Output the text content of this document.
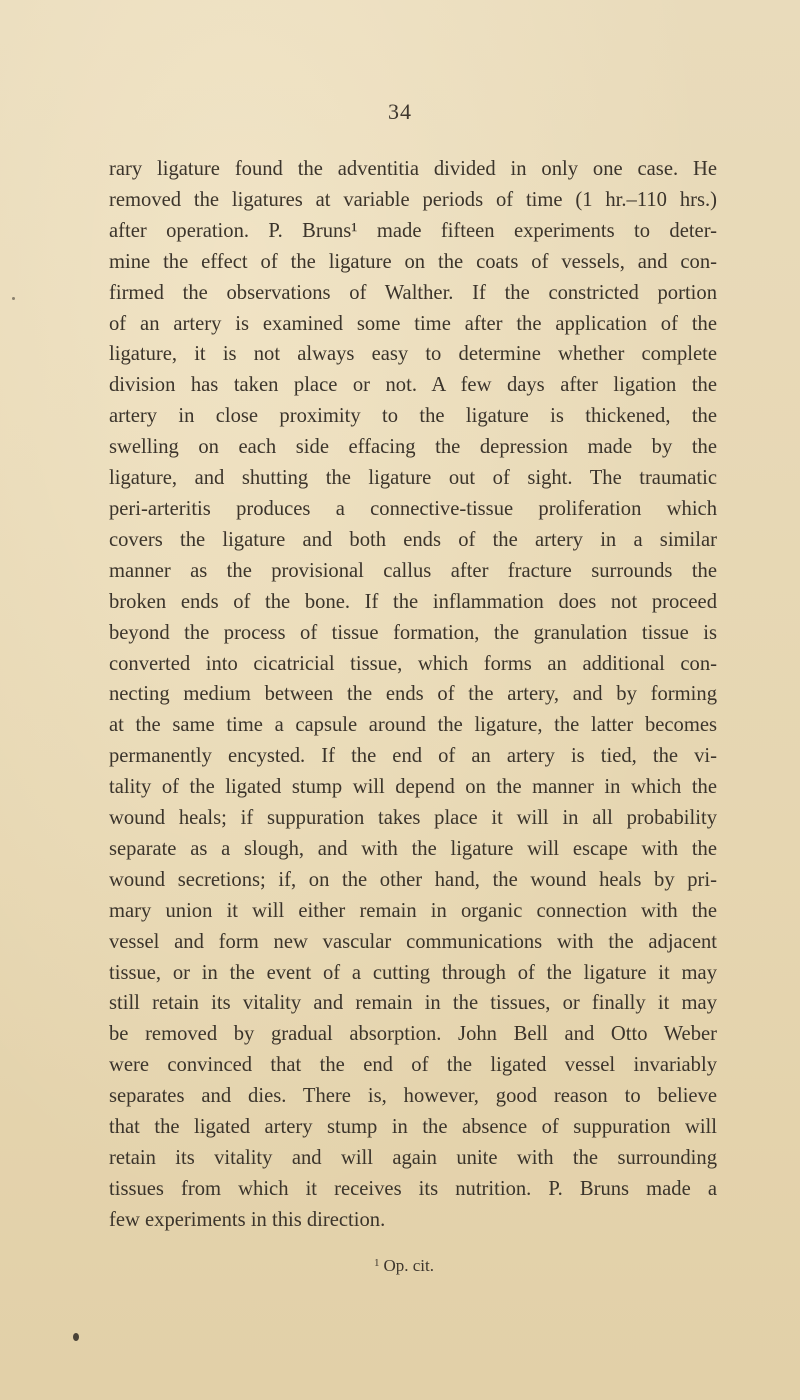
34
rary ligature found the adventitia divided in only one case. He
removed the ligatures at variable periods of time (1 hr.–110 hrs.)
after operation. P. Bruns¹ made fifteen experiments to deter-
mine the effect of the ligature on the coats of vessels, and con-
firmed the observations of Walther. If the constricted portion
of an artery is examined some time after the application of the
ligature, it is not always easy to determine whether complete
division has taken place or not. A few days after ligation the
artery in close proximity to the ligature is thickened, the
swelling on each side effacing the depression made by the
ligature, and shutting the ligature out of sight. The traumatic
peri-arteritis produces a connective-tissue proliferation which
covers the ligature and both ends of the artery in a similar
manner as the provisional callus after fracture surrounds the
broken ends of the bone. If the inflammation does not proceed
beyond the process of tissue formation, the granulation tissue is
converted into cicatricial tissue, which forms an additional con-
necting medium between the ends of the artery, and by forming
at the same time a capsule around the ligature, the latter becomes
permanently encysted. If the end of an artery is tied, the vi-
tality of the ligated stump will depend on the manner in which the
wound heals; if suppuration takes place it will in all probability
separate as a slough, and with the ligature will escape with the
wound secretions; if, on the other hand, the wound heals by pri-
mary union it will either remain in organic connection with the
vessel and form new vascular communications with the adjacent
tissue, or in the event of a cutting through of the ligature it may
still retain its vitality and remain in the tissues, or finally it may
be removed by gradual absorption. John Bell and Otto Weber
were convinced that the end of the ligated vessel invariably
separates and dies. There is, however, good reason to believe
that the ligated artery stump in the absence of suppuration will
retain its vitality and will again unite with the surrounding
tissues from which it receives its nutrition. P. Bruns made a
few experiments in this direction.
$^1$ Op. cit.
